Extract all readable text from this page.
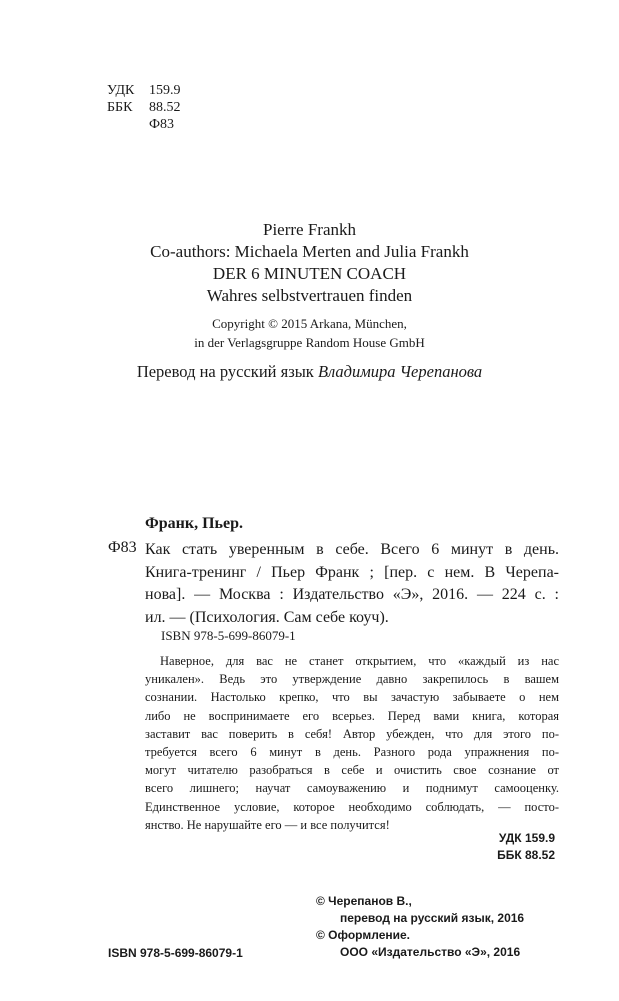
УДК 159.9
ББК 88.52
Ф83
Pierre Frankh
Co-authors: Michaela Merten and Julia Frankh
DER 6 MINUTEN COACH
Wahres selbstvertrauen finden
Copyright © 2015 Arkana, München,
in der Verlagsgruppe Random House GmbH
Перевод на русский язык Владимира Черепанова
Франк, Пьер.
Ф83 Как стать уверенным в себе. Всего 6 минут в день.
Книга-тренинг / Пьер Франк ; [пер. с нем. В Черепа-
нова]. — Москва : Издательство «Э», 2016. — 224 с. :
ил. — (Психология. Сам себе коуч).
ISBN 978-5-699-86079-1
Наверное, для вас не станет открытием, что «каждый из нас
уникален». Ведь это утверждение давно закрепилось в вашем
сознании. Настолько крепко, что вы зачастую забываете о нем
либо не воспринимаете его всерьез. Перед вами книга, которая
заставит вас поверить в себя! Автор убежден, что для этого по-
требуется всего 6 минут в день. Разного рода упражнения по-
могут читателю разобраться в себе и очистить свое сознание от
всего лишнего; научат самоуважению и поднимут самооценку.
Единственное условие, которое необходимо соблюдать, — посто-
янство. Не нарушайте его — и все получится!
УДК 159.9
ББК 88.52
© Черепанов В.,
перевод на русский язык, 2016
© Оформление.
ООО «Издательство «Э», 2016
ISBN 978-5-699-86079-1
